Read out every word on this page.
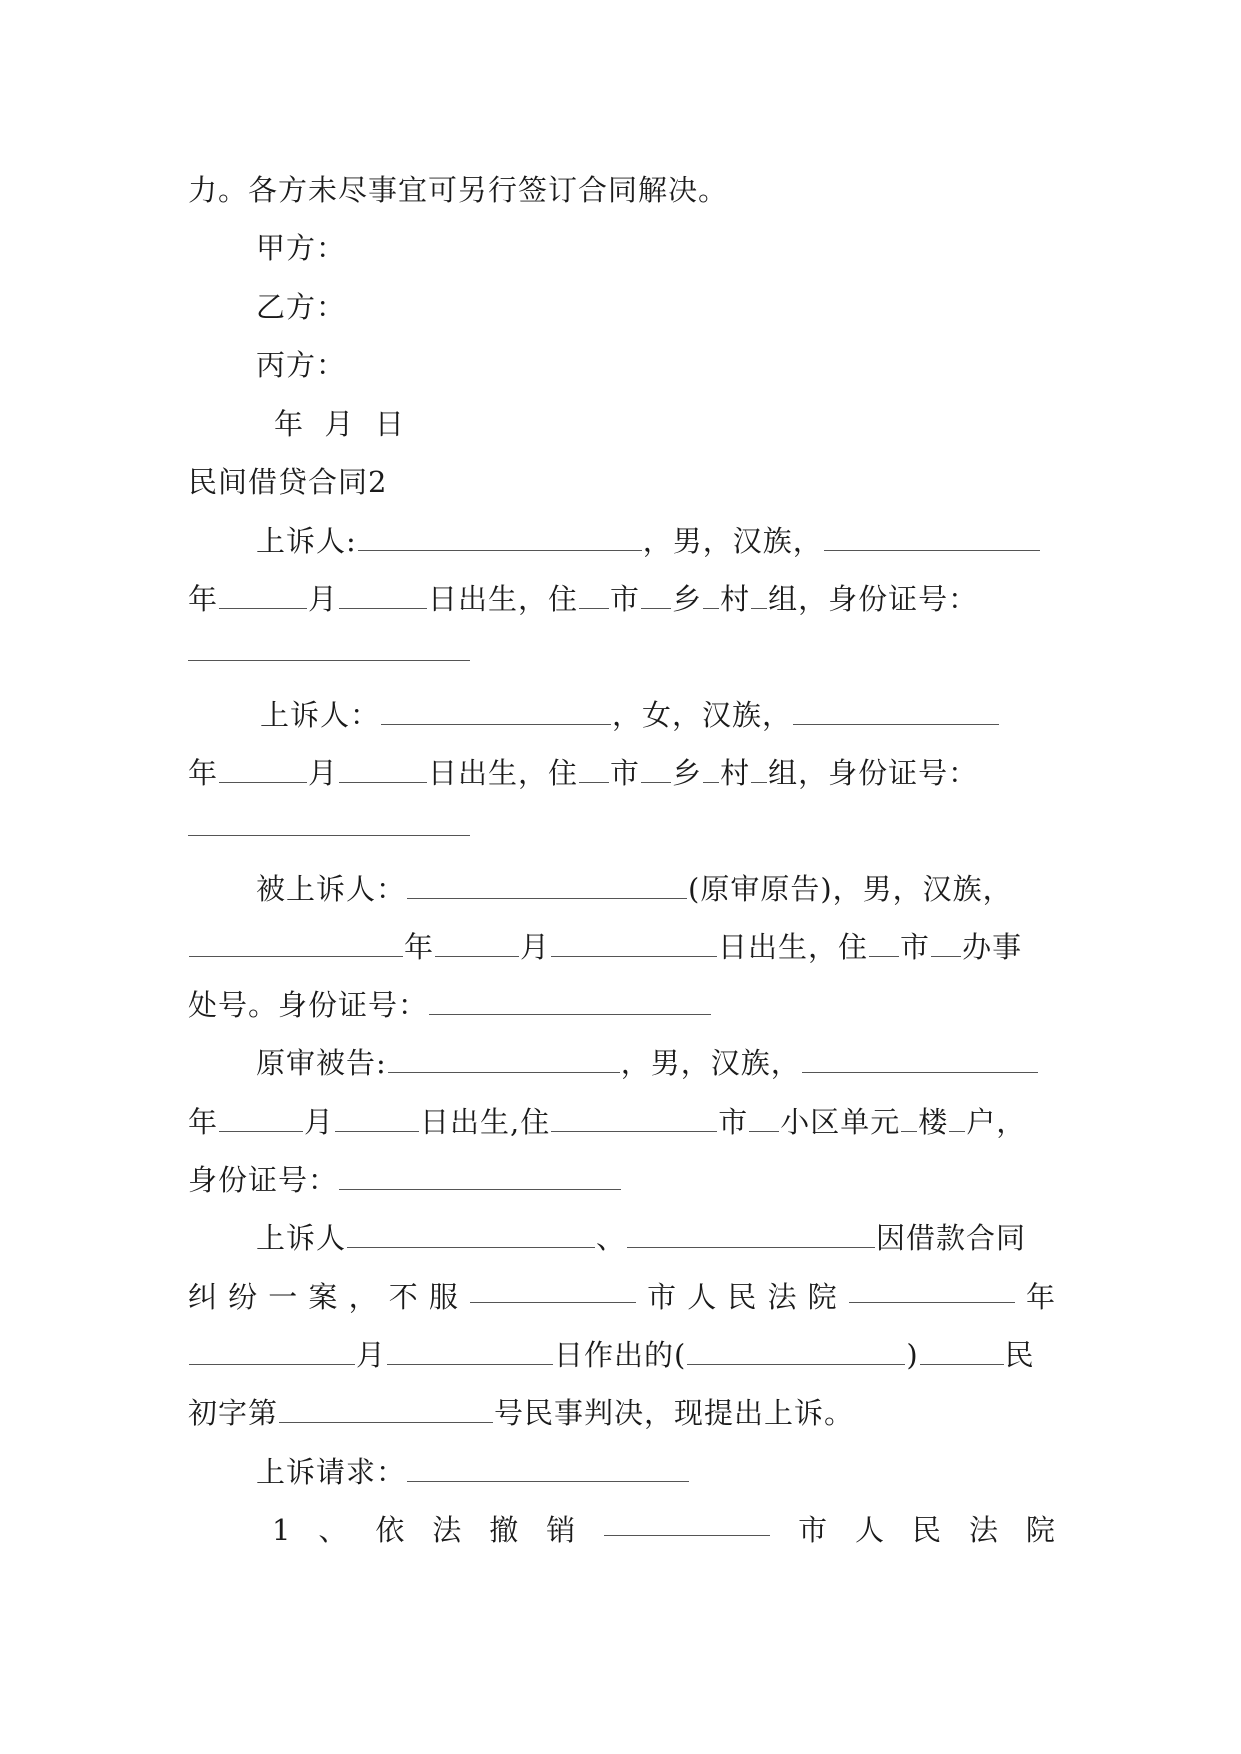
力。各方未尽事宜可另行签订合同解决。
甲方：
乙方：
丙方：
年  月  日
民间借贷合同2
上诉人:	，男，汉族，
年	月	日出生，住 市 乡 村 组，身份证号：
上诉人：	，女，汉族，
年	月	日出生，住 市 乡 村 组，身份证号：
被上诉人：	(原审原告)，男，汉族，
年	月	日出生，住 市 办事
处号。身份证号：
原审被告:	，男，汉族，
年	月	日出生,住	市 小区单元 楼 户，
身份证号：
上诉人	、	因借款合同
纠 纷 一 案 ， 不 服	市 人 民 法 院	年
月	日作出的(	)	民
初字第	号民事判决，现提出上诉。
上诉请求：
1 、 依 法 撤 销	市 人 民 法 院
